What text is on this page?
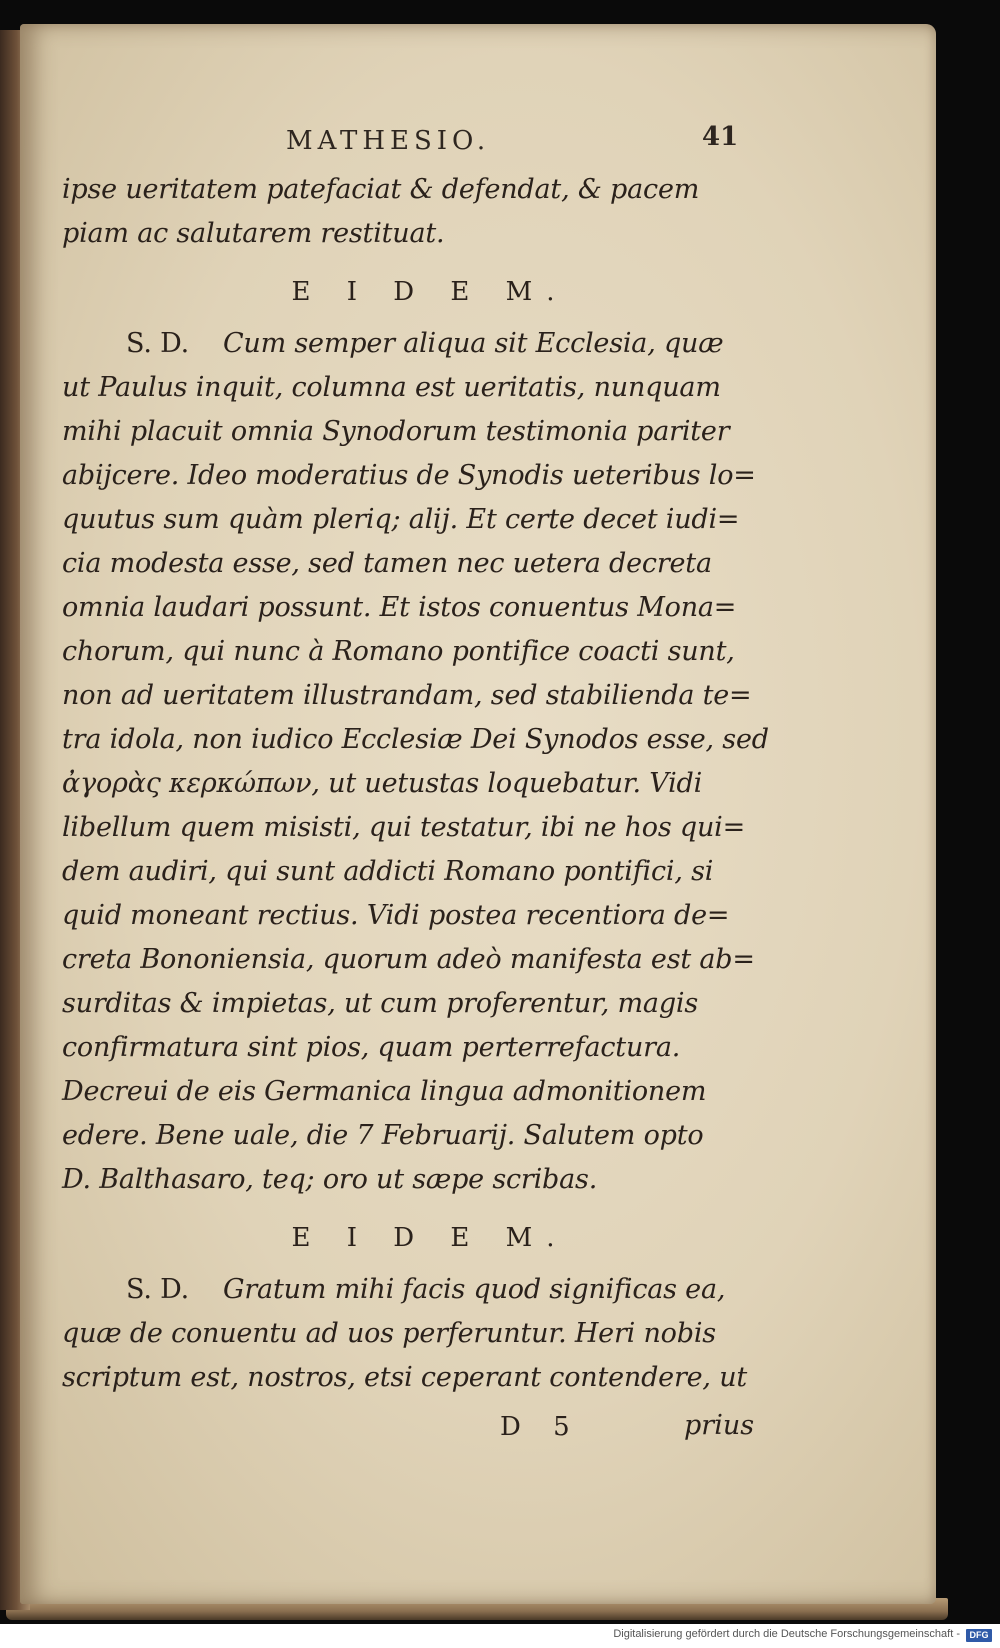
MATHESIO.	41

ipse ueritatem patefaciat & defendat, & pacem

piam ac salutarem restituat.

E I D E M.

S. D. Cum semper aliqua sit Ecclesia, quæ

ut Paulus inquit, columna est ueritatis, nunquam

mihi placuit omnia Synodorum testimonia pariter

abijcere. Ideo moderatius de Synodis ueteribus lo=

quutus sum quàm pleriq; alij. Et certe decet iudi=

cia modesta esse, sed tamen nec uetera decreta

omnia laudari possunt. Et istos conuentus Mona=

chorum, qui nunc à Romano pontifice coacti sunt,

non ad ueritatem illustrandam, sed stabilienda te=

tra idola, non iudico Ecclesiæ Dei Synodos esse, sed

ἀγορὰς κερκώπων, ut uetustas loquebatur. Vidi

libellum quem misisti, qui testatur, ibi ne hos qui=

dem audiri, qui sunt addicti Romano pontifici, si

quid moneant rectius. Vidi postea recentiora de=

creta Bononiensia, quorum adeò manifesta est ab=

surditas & impietas, ut cum proferentur, magis

confirmatura sint pios, quam perterrefactura.

Decreui de eis Germanica lingua admonitionem

edere. Bene uale, die 7 Februarij. Salutem opto

D. Balthasaro, teq; oro ut sæpe scribas.

E I D E M.

S. D. Gratum mihi facis quod significas ea,

quæ de conuentu ad uos perferuntur. Heri nobis

scriptum est, nostros, etsi ceperant contendere, ut

D 5	prius
Digitalisierung gefördert durch die Deutsche Forschungsgemeinschaft -	DFG
